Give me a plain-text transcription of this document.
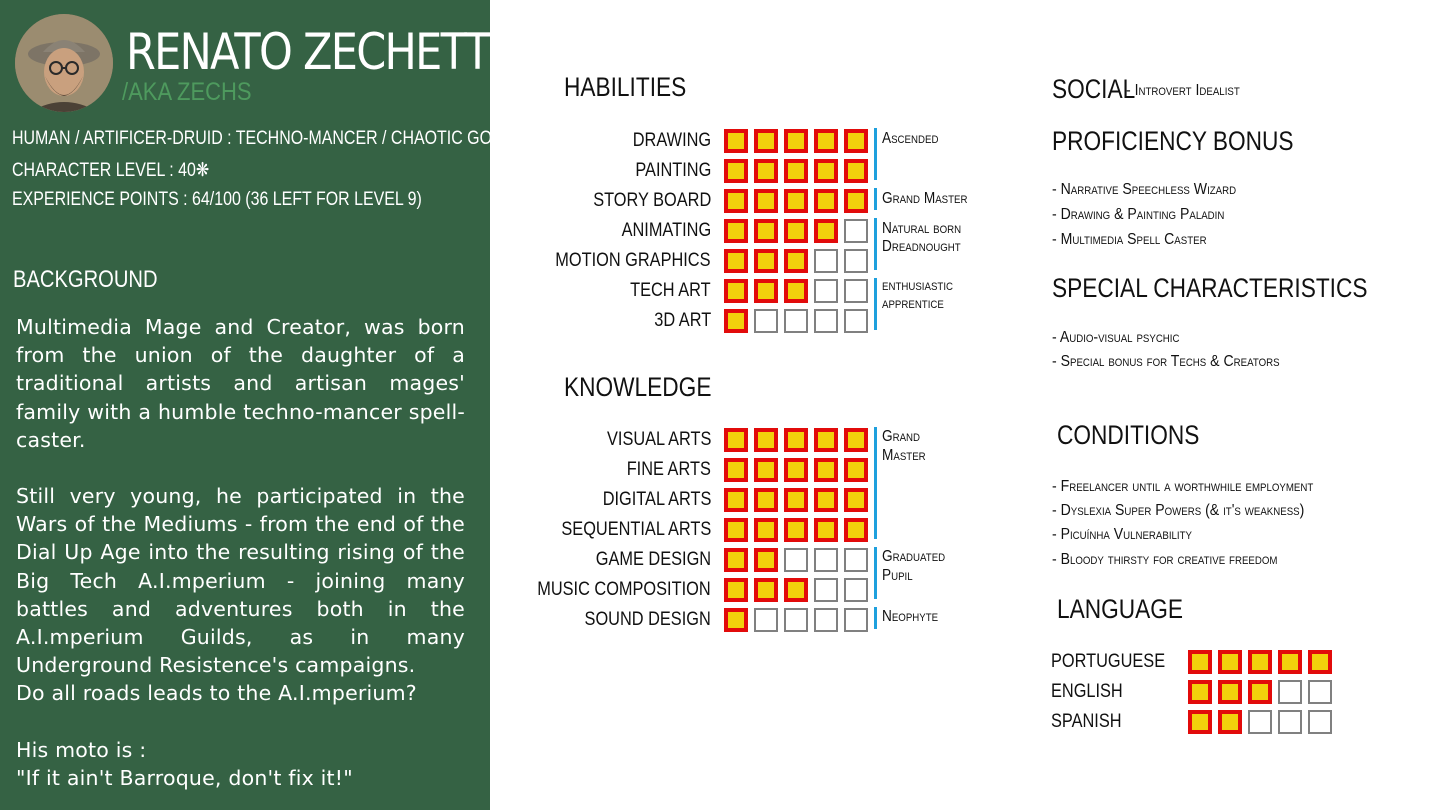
RENATO ZECHETTO
/AKA ZECHS
HUMAN / ARTIFICER-DRUID : TECHNO-MANCER / CHAOTIC GOOD
CHARACTER LEVEL : 40❋
EXPERIENCE POINTS : 64/100 (36 LEFT FOR LEVEL 9)
BACKGROUND

Multimedia Mage and Creator, was born from the union of the daughter of a traditional artists and artisan mages' family with a humble techno-mancer spell-caster.

Still very young, he participated in the Wars of the Mediums - from the end of the Dial Up Age into the resulting rising of the Big Tech A.I.mperium - joining many battles and adventures both in the A.I.mperium Guilds, as in many Underground Resistence's campaigns.

Do all roads leads to the A.I.mperium?
His moto is :
"If it ain't Barroque, don't fix it!"
HABILITIES
DRAWING
PAINTING
STORY BOARD
ANIMATING
MOTION GRAPHICS
TECH ART
3D ART
Ascended
Grand Master
Natural born
Dreadnought
enthusiastic
apprentice
KNOWLEDGE
VISUAL ARTS
FINE ARTS
DIGITAL ARTS
SEQUENTIAL ARTS
GAME DESIGN
MUSIC COMPOSITION
SOUND DESIGN
Grand
Master
Graduated
Pupil
Neophyte
SOCIAL
- Introvert Idealist
PROFICIENCY BONUS
- Narrative Speechless Wizard
- Drawing & Painting Paladin
- Multimedia Spell Caster
SPECIAL CHARACTERISTICS
- Audio-visual psychic
- Special bonus for Techs & Creators
CONDITIONS
- Freelancer until a worthwhile employment
- Dyslexia Super Powers (& it's weakness)
- Picuínha Vulnerability
- Bloody thirsty for creative freedom
LANGUAGE
PORTUGUESE
ENGLISH
SPANISH
